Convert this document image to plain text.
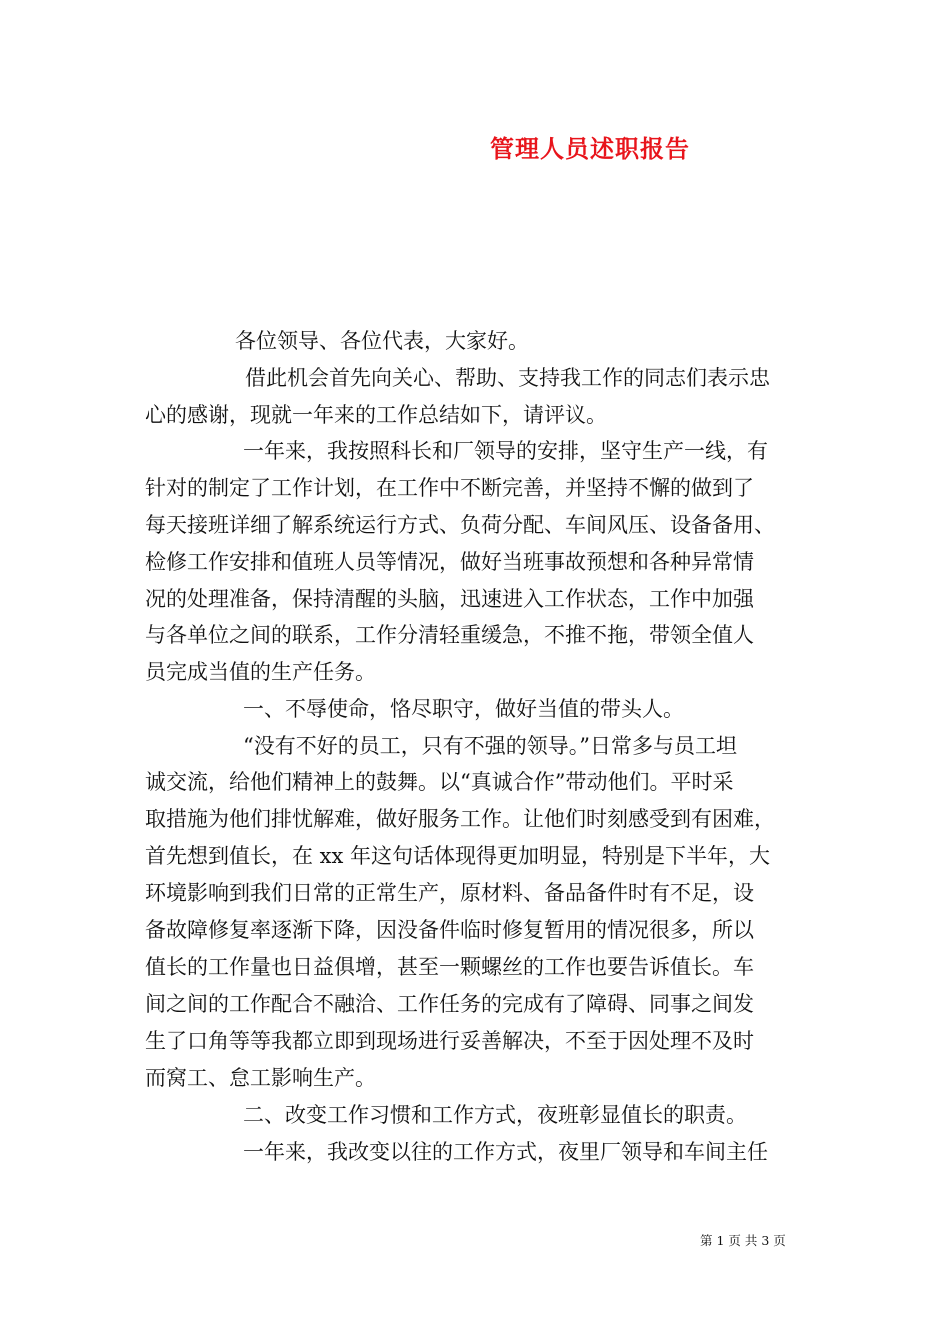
管理人员述职报告
各位领导、各位代表，大家好。
借此机会首先向关心、帮助、支持我工作的同志们表示忠
心的感谢，现就一年来的工作总结如下，请评议。
一年来，我按照科长和厂领导的安排，坚守生产一线，有
针对的制定了工作计划，在工作中不断完善，并坚持不懈的做到了
每天接班详细了解系统运行方式、负荷分配、车间风压、设备备用、
检修工作安排和值班人员等情况，做好当班事故预想和各种异常情
况的处理准备，保持清醒的头脑，迅速进入工作状态，工作中加强
与各单位之间的联系，工作分清轻重缓急，不推不拖，带领全值人
员完成当值的生产任务。
一、不辱使命，恪尽职守，做好当值的带头人。
“没有不好的员工，只有不强的领导。”日常多与员工坦
诚交流，给他们精神上的鼓舞。以“真诚合作”带动他们。平时采
取措施为他们排忧解难，做好服务工作。让他们时刻感受到有困难，
首先想到值长，在 xx 年这句话体现得更加明显，特别是下半年，大
环境影响到我们日常的正常生产，原材料、备品备件时有不足，设
备故障修复率逐渐下降，因没备件临时修复暂用的情况很多，所以
值长的工作量也日益俱增，甚至一颗螺丝的工作也要告诉值长。车
间之间的工作配合不融洽、工作任务的完成有了障碍、同事之间发
生了口角等等我都立即到现场进行妥善解决，不至于因处理不及时
而窝工、怠工影响生产。
二、改变工作习惯和工作方式，夜班彰显值长的职责。
一年来，我改变以往的工作方式，夜里厂领导和车间主任
第 1 页 共 3 页
